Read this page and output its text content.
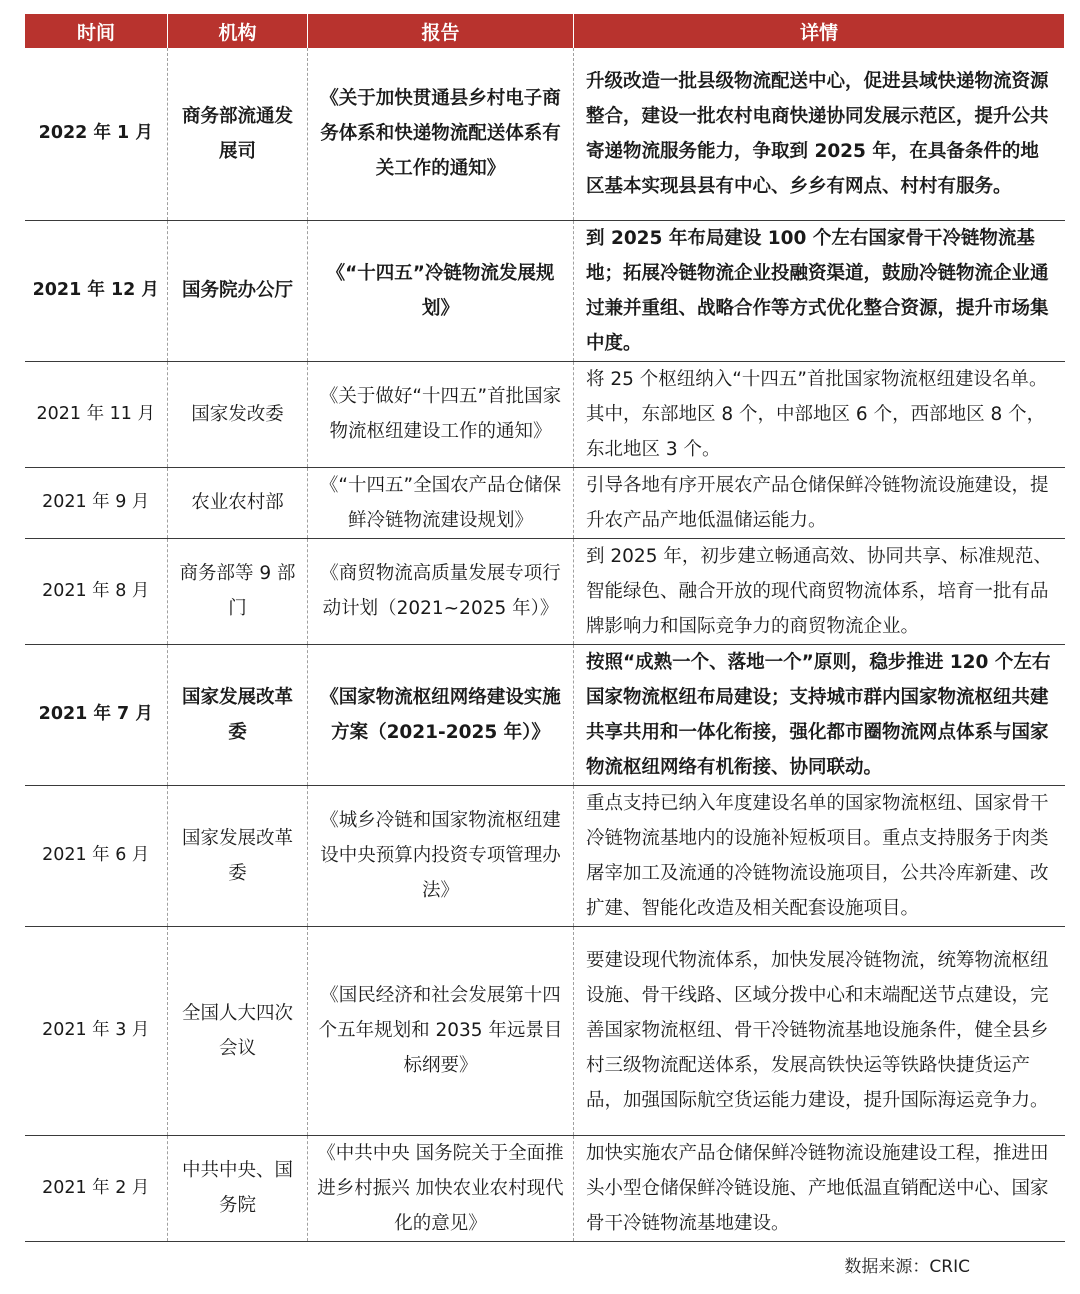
时间	机构	报告	详情
2022 年 1 月	商务部流通发展司	《关于加快贯通县乡村电子商务体系和快递物流配送体系有关工作的通知》	升级改造一批县级物流配送中心，促进县域快递物流资源整合，建设一批农村电商快递协同发展示范区，提升公共寄递物流服务能力，争取到 2025 年，在具备条件的地区基本实现县县有中心、乡乡有网点、村村有服务。
2021 年 12 月	国务院办公厅	《“十四五”冷链物流发展规划》	到 2025 年布局建设 100 个左右国家骨干冷链物流基地；拓展冷链物流企业投融资渠道，鼓励冷链物流企业通过兼并重组、战略合作等方式优化整合资源，提升市场集中度。
2021 年 11 月	国家发改委	《关于做好“十四五”首批国家物流枢纽建设工作的通知》	将 25 个枢纽纳入“十四五”首批国家物流枢纽建设名单。其中，东部地区 8 个，中部地区 6 个，西部地区 8 个，东北地区 3 个。
2021 年 9 月	农业农村部	《“十四五”全国农产品仓储保鲜冷链物流建设规划》	引导各地有序开展农产品仓储保鲜冷链物流设施建设，提升农产品产地低温储运能力。
2021 年 8 月	商务部等 9 部门	《商贸物流高质量发展专项行动计划（2021~2025 年）》	到 2025 年，初步建立畅通高效、协同共享、标准规范、智能绿色、融合开放的现代商贸物流体系，培育一批有品牌影响力和国际竞争力的商贸物流企业。
2021 年 7 月	国家发展改革委	《国家物流枢纽网络建设实施方案（2021-2025 年）》	按照“成熟一个、落地一个”原则，稳步推进 120 个左右国家物流枢纽布局建设；支持城市群内国家物流枢纽共建共享共用和一体化衔接，强化都市圈物流网点体系与国家物流枢纽网络有机衔接、协同联动。
2021 年 6 月	国家发展改革委	《城乡冷链和国家物流枢纽建设中央预算内投资专项管理办法》	重点支持已纳入年度建设名单的国家物流枢纽、国家骨干冷链物流基地内的设施补短板项目。重点支持服务于肉类屠宰加工及流通的冷链物流设施项目，公共冷库新建、改扩建、智能化改造及相关配套设施项目。
2021 年 3 月	全国人大四次会议	《国民经济和社会发展第十四个五年规划和 2035 年远景目标纲要》	要建设现代物流体系，加快发展冷链物流，统筹物流枢纽设施、骨干线路、区域分拨中心和末端配送节点建设，完善国家物流枢纽、骨干冷链物流基地设施条件，健全县乡村三级物流配送体系，发展高铁快运等铁路快捷货运产品，加强国际航空货运能力建设，提升国际海运竞争力。
2021 年 2 月	中共中央、国务院	《中共中央 国务院关于全面推进乡村振兴 加快农业农村现代化的意见》	加快实施农产品仓储保鲜冷链物流设施建设工程，推进田头小型仓储保鲜冷链设施、产地低温直销配送中心、国家骨干冷链物流基地建设。
数据来源：CRIC
